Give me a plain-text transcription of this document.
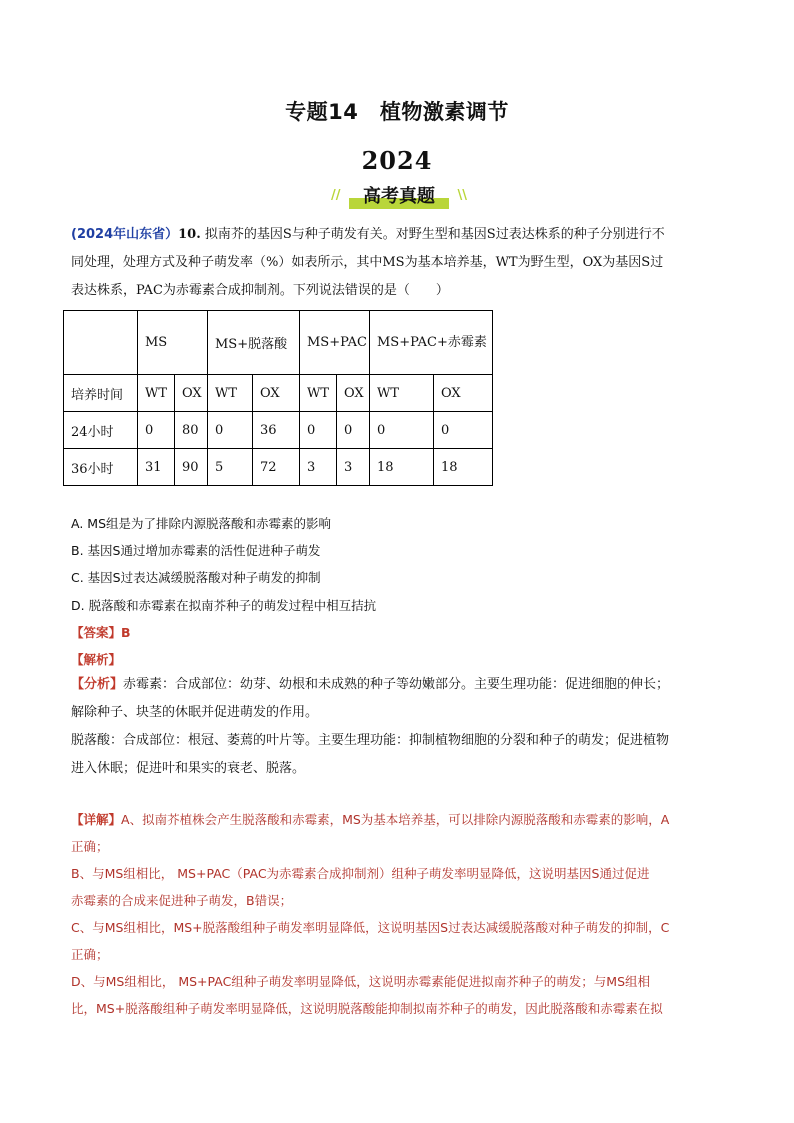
专题14　植物激素调节
2024
//	高考真题	\\
(2024年山东省）10. 拟南芥的基因S与种子萌发有关。对野生型和基因S过表达株系的种子分别进行不
同处理，处理方式及种子萌发率（%）如表所示，其中MS为基本培养基，WT为野生型，OX为基因S过
表达株系，PAC为赤霉素合成抑制剂。下列说法错误的是（　　）
	MS		MS+脱落酸		MS+PAC		MS+PAC+赤霉素	

培养时间	WT	OX	WT	OX	WT	OX	WT	OX
24小时	0	80	0	36	0	0	0	0
36小时	31	90	5	72	3	3	18	18
A. MS组是为了排除内源脱落酸和赤霉素的影响
B. 基因S通过增加赤霉素的活性促进种子萌发
C. 基因S过表达减缓脱落酸对种子萌发的抑制
D. 脱落酸和赤霉素在拟南芥种子的萌发过程中相互拮抗
【答案】B
【解析】
【分析】赤霉素：合成部位：幼芽、幼根和未成熟的种子等幼嫩部分。主要生理功能：促进细胞的伸长；
解除种子、块茎的休眠并促进萌发的作用。
脱落酸：合成部位：根冠、萎蔫的叶片等。主要生理功能：抑制植物细胞的分裂和种子的萌发；促进植物
进入休眠；促进叶和果实的衰老、脱落。
【详解】A、拟南芥植株会产生脱落酸和赤霉素，MS为基本培养基，可以排除内源脱落酸和赤霉素的影响，A
正确；
B、与MS组相比， MS+PAC（PAC为赤霉素合成抑制剂）组种子萌发率明显降低，这说明基因S通过促进
赤霉素的合成来促进种子萌发，B错误；
C、与MS组相比，MS+脱落酸组种子萌发率明显降低，这说明基因S过表达减缓脱落酸对种子萌发的抑制，C
正确；
D、与MS组相比， MS+PAC组种子萌发率明显降低，这说明赤霉素能促进拟南芥种子的萌发；与MS组相
比，MS+脱落酸组种子萌发率明显降低，这说明脱落酸能抑制拟南芥种子的萌发，因此脱落酸和赤霉素在拟
